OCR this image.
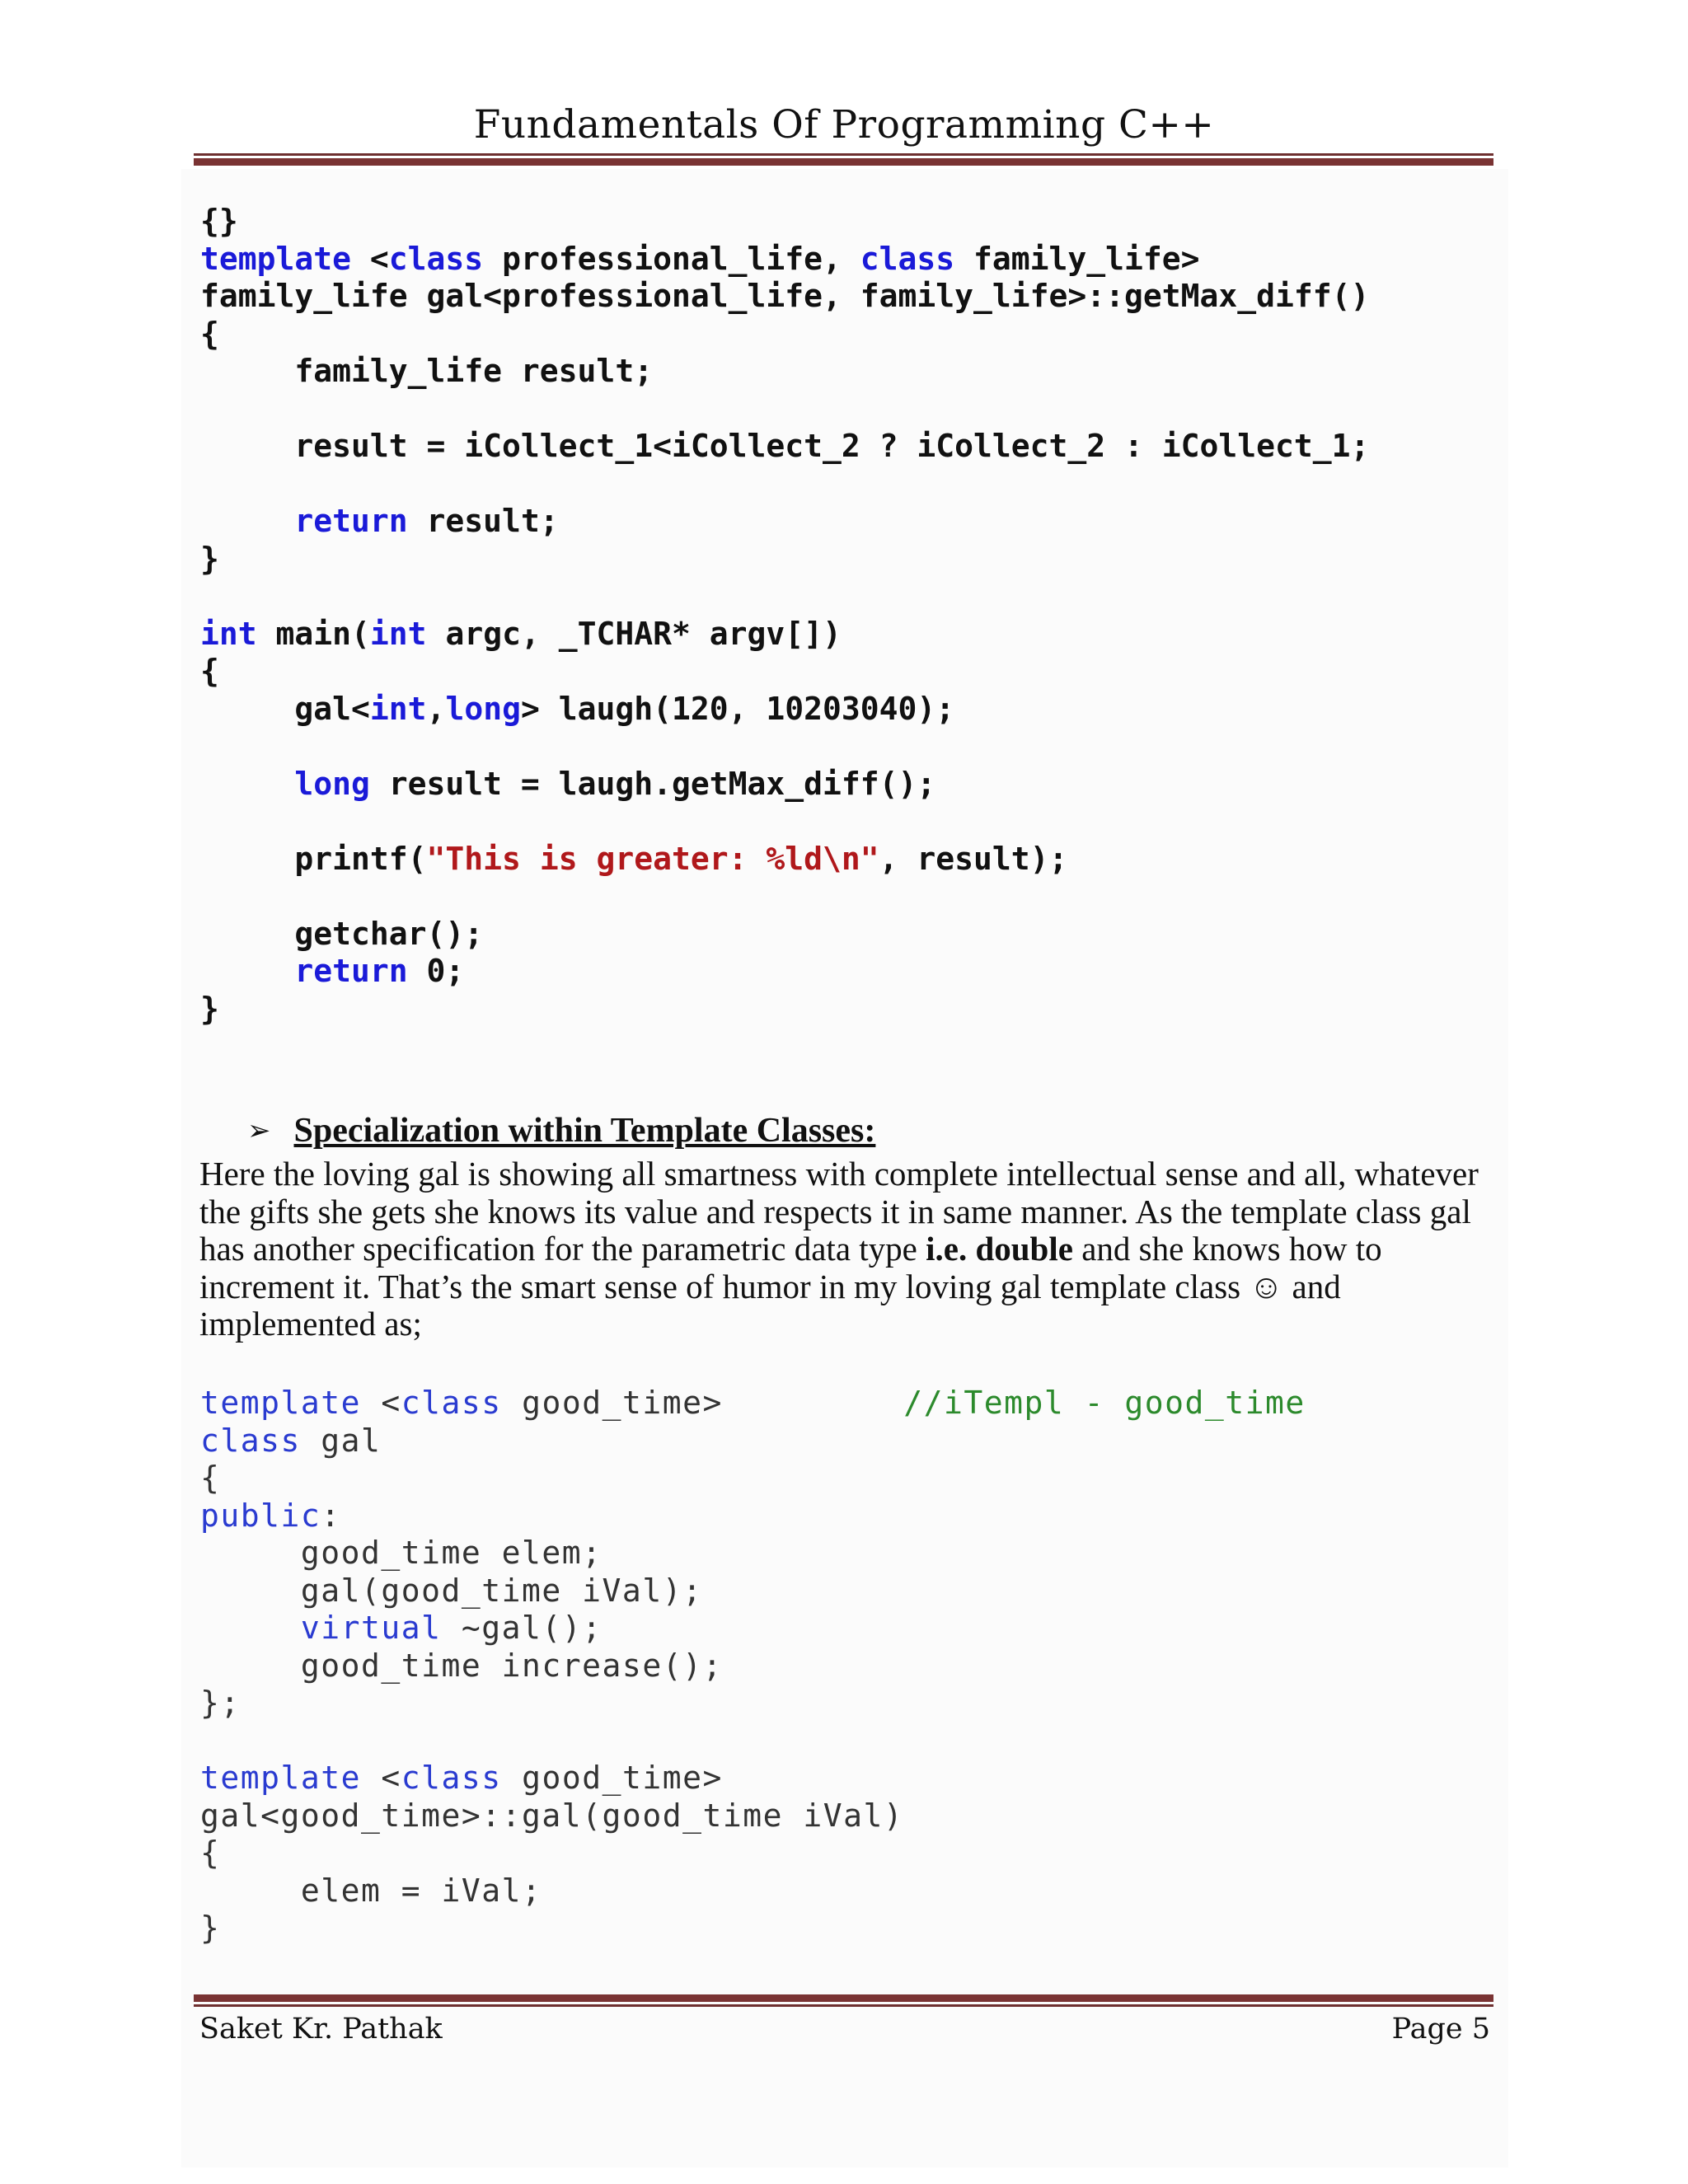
Fundamentals Of Programming C++
{}
template <class professional_life, class family_life>
family_life gal<professional_life, family_life>::getMax_diff()
{
family_life result;

result = iCollect_1<iCollect_2 ? iCollect_2 : iCollect_1;

return result;
}

int main(int argc, _TCHAR* argv[])
{
gal<int,long> laugh(120, 10203040);

long result = laugh.getMax_diff();

printf("This is greater: %ld\n", result);

getchar();
return 0;
}
➢ Specialization within Template Classes:
Here the loving gal is showing all smartness with complete intellectual sense and all, whatever the gifts she gets she knows its value and respects it in same manner. As the template class gal has another specification for the parametric data type i.e. double and she knows how to increment it. That’s the smart sense of humor in my loving gal template class ☺ and implemented as;
template <class good_time>         //iTempl - good_time
class gal
{
public:
good_time elem;
gal(good_time iVal);
virtual ~gal();
good_time increase();
};

template <class good_time>
gal<good_time>::gal(good_time iVal)
{
elem = iVal;
}
Saket Kr. Pathak	Page 5
